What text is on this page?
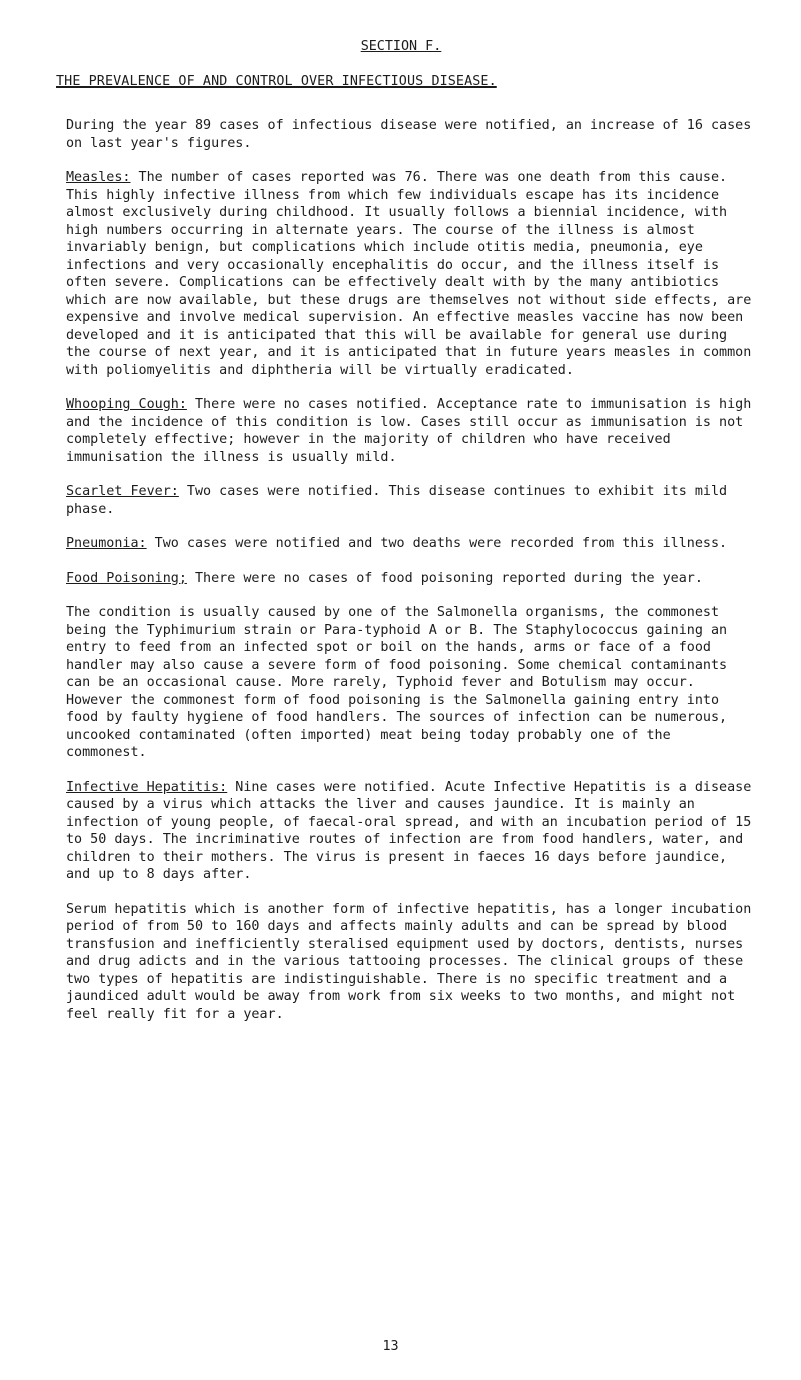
SECTION F.
THE PREVALENCE OF AND CONTROL OVER INFECTIOUS DISEASE.

During the year 89 cases of infectious disease were notified, an increase of 16 cases on last year's figures.

Measles: The number of cases reported was 76. There was one death from this cause. This highly infective illness from which few individuals escape has its incidence almost exclusively during childhood. It usually follows a biennial incidence, with high numbers occurring in alternate years. The course of the illness is almost invariably benign, but complications which include otitis media, pneumonia, eye infections and very occasionally encephalitis do occur, and the illness itself is often severe. Complications can be effectively dealt with by the many antibiotics which are now available, but these drugs are themselves not without side effects, are expensive and involve medical supervision. An effective measles vaccine has now been developed and it is anticipated that this will be available for general use during the course of next year, and it is anticipated that in future years measles in common with poliomyelitis and diphtheria will be virtually eradicated.

Whooping Cough: There were no cases notified. Acceptance rate to immunisation is high and the incidence of this condition is low. Cases still occur as immunisation is not completely effective; however in the majority of children who have received immunisation the illness is usually mild.

Scarlet Fever: Two cases were notified. This disease continues to exhibit its mild phase.

Pneumonia: Two cases were notified and two deaths were recorded from this illness.

Food Poisoning; There were no cases of food poisoning reported during the year.

The condition is usually caused by one of the Salmonella organisms, the commonest being the Typhimurium strain or Para-typhoid A or B. The Staphylococcus gaining an entry to feed from an infected spot or boil on the hands, arms or face of a food handler may also cause a severe form of food poisoning. Some chemical contaminants can be an occasional cause. More rarely, Typhoid fever and Botulism may occur. However the commonest form of food poisoning is the Salmonella gaining entry into food by faulty hygiene of food handlers. The sources of infection can be numerous, uncooked contaminated (often imported) meat being today probably one of the commonest.

Infective Hepatitis: Nine cases were notified. Acute Infective Hepatitis is a disease caused by a virus which attacks the liver and causes jaundice. It is mainly an infection of young people, of faecal-oral spread, and with an incubation period of 15 to 50 days. The incriminative routes of infection are from food handlers, water, and children to their mothers. The virus is present in faeces 16 days before jaundice, and up to 8 days after.

Serum hepatitis which is another form of infective hepatitis, has a longer incubation period of from 50 to 160 days and affects mainly adults and can be spread by blood transfusion and inefficiently steralised equipment used by doctors, dentists, nurses and drug adicts and in the various tattooing processes. The clinical groups of these two types of hepatitis are indistinguishable. There is no specific treatment and a jaundiced adult would be away from work from six weeks to two months, and might not feel really fit for a year.

13
